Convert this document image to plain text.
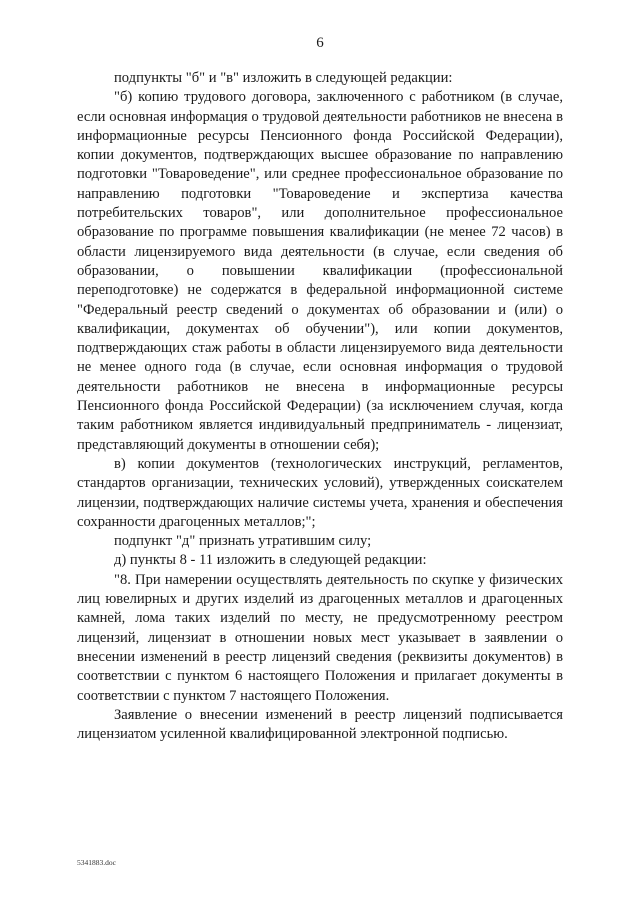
6

подпункты "б" и "в" изложить в следующей редакции:

"б) копию трудового договора, заключенного с работником (в случае, если основная информация о трудовой деятельности работников не внесена в информационные ресурсы Пенсионного фонда Российской Федерации), копии документов, подтверждающих высшее образование по направлению подготовки "Товароведение", или среднее профессиональное образование по направлению подготовки "Товароведение и экспертиза качества потребительских товаров", или дополнительное профессиональное образование по программе повышения квалификации (не менее 72 часов) в области лицензируемого вида деятельности (в случае, если сведения об образовании, о повышении квалификации (профессиональной переподготовке) не содержатся в федеральной информационной системе "Федеральный реестр сведений о документах об образовании и (или) о квалификации, документах об обучении"), или копии документов, подтверждающих стаж работы в области лицензируемого вида деятельности не менее одного года (в случае, если основная информация о трудовой деятельности работников не внесена в информационные ресурсы Пенсионного фонда Российской Федерации) (за исключением случая, когда таким работником является индивидуальный предприниматель - лицензиат, представляющий документы в отношении себя);

в) копии документов (технологических инструкций, регламентов, стандартов организации, технических условий), утвержденных соискателем лицензии, подтверждающих наличие системы учета, хранения и обеспечения сохранности драгоценных металлов;";

подпункт "д" признать утратившим силу;

д) пункты 8 - 11 изложить в следующей редакции:

"8. При намерении осуществлять деятельность по скупке у физических лиц ювелирных и других изделий из драгоценных металлов и драгоценных камней, лома таких изделий по месту, не предусмотренному реестром лицензий, лицензиат в отношении новых мест указывает в заявлении о внесении изменений в реестр лицензий сведения (реквизиты документов) в соответствии с пунктом 6 настоящего Положения и прилагает документы в соответствии с пунктом 7 настоящего Положения.

Заявление о внесении изменений в реестр лицензий подписывается лицензиатом усиленной квалифицированной электронной подписью.

5341883.doc
